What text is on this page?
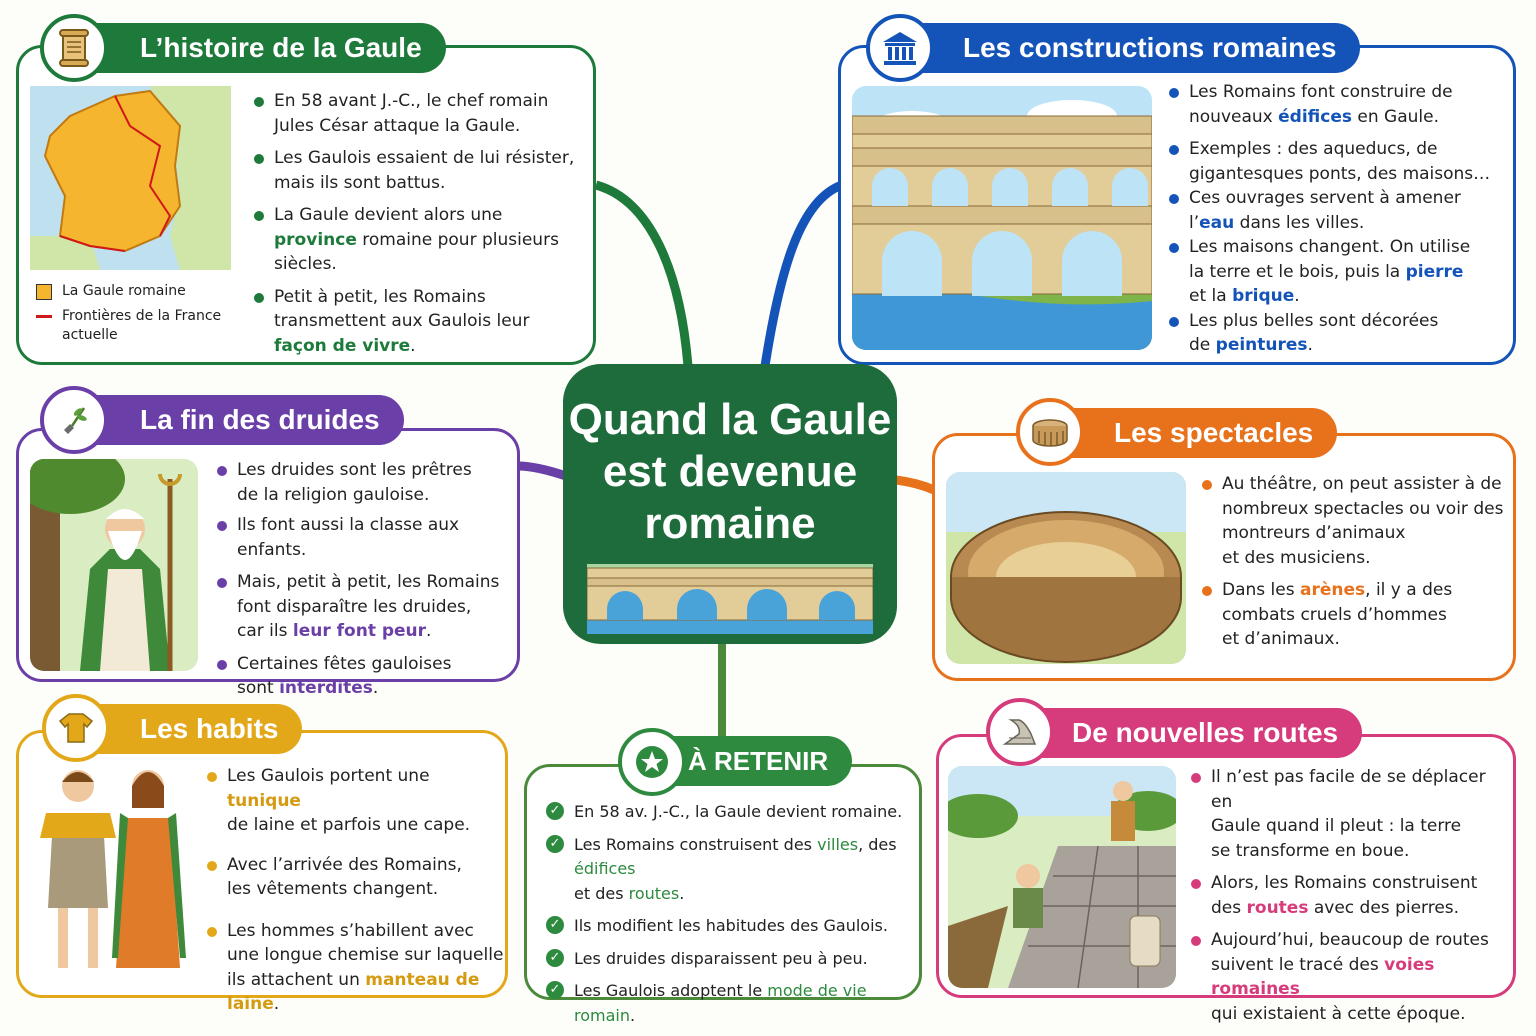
L’histoire de la Gaule
La Gaule romaine
Frontières de la France
actuelle
En 58 avant J.-C., le chef romain
Jules César attaque la Gaule.
Les Gaulois essaient de lui résister,
mais ils sont battus.
La Gaule devient alors une
province romaine pour plusieurs
siècles.
Petit à petit, les Romains
transmettent aux Gaulois leur
façon de vivre.
Les constructions romaines
Les Romains font construire de
nouveaux édifices en Gaule.
Exemples : des aqueducs, de
gigantesques ponts, des maisons…
Ces ouvrages servent à amener
l’eau dans les villes.
Les maisons changent. On utilise
la terre et le bois, puis la pierre
et la brique.
Les plus belles sont décorées
de peintures.
Quand la Gaule
est devenue
romaine
La fin des druides
Les druides sont les prêtres
de la religion gauloise.
Ils font aussi la classe aux enfants.
Mais, petit à petit, les Romains
font disparaître les druides,
car ils leur font peur.
Certaines fêtes gauloises
sont interdites.
Les spectacles
Au théâtre, on peut assister à de
nombreux spectacles ou voir des
montreurs d’animaux
et des musiciens.
Dans les arènes, il y a des
combats cruels d’hommes
et d’animaux.
Les habits
Les Gaulois portent une tunique
de laine et parfois une cape.
Avec l’arrivée des Romains,
les vêtements changent.
Les hommes s’habillent avec
une longue chemise sur laquelle
ils attachent un manteau de laine.
À RETENIR
✓ En 58 av. J.-C., la Gaule devient romaine.
✓ Les Romains construisent des villes, des édifices
et des routes.
✓ Ils modifient les habitudes des Gaulois.
✓ Les druides disparaissent peu à peu.
✓ Les Gaulois adoptent le mode de vie romain.
De nouvelles routes
Il n’est pas facile de se déplacer en
Gaule quand il pleut : la terre
se transforme en boue.
Alors, les Romains construisent
des routes avec des pierres.
Aujourd’hui, beaucoup de routes
suivent le tracé des voies romaines
qui existaient à cette époque.
